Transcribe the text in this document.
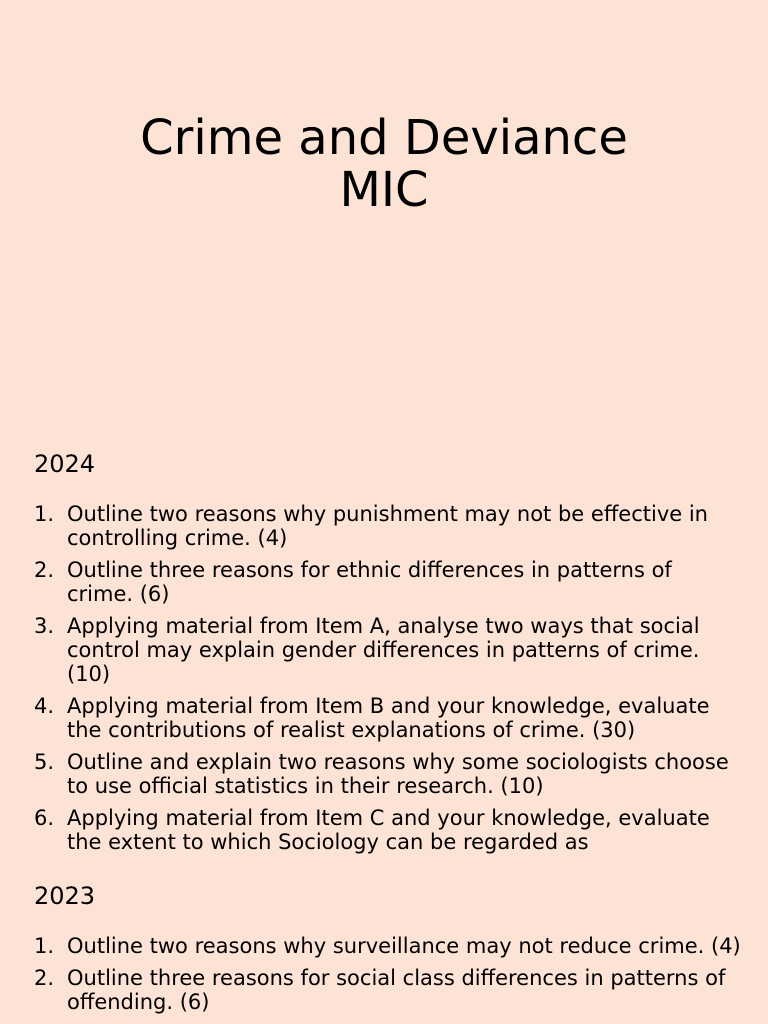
Crime and Deviance
MIC
2024
1. Outline two reasons why punishment may not be effective in controlling crime. (4)
2. Outline three reasons for ethnic differences in patterns of crime. (6)
3. Applying material from Item A, analyse two ways that social control may explain gender differences in patterns of crime. (10)
4. Applying material from Item B and your knowledge, evaluate the contributions of realist explanations of crime. (30)
5. Outline and explain two reasons why some sociologists choose to use official statistics in their research. (10)
6. Applying material from Item C and your knowledge, evaluate the extent to which Sociology can be regarded as
2023
1. Outline two reasons why surveillance may not reduce crime. (4)
2. Outline three reasons for social class differences in patterns of offending. (6)
